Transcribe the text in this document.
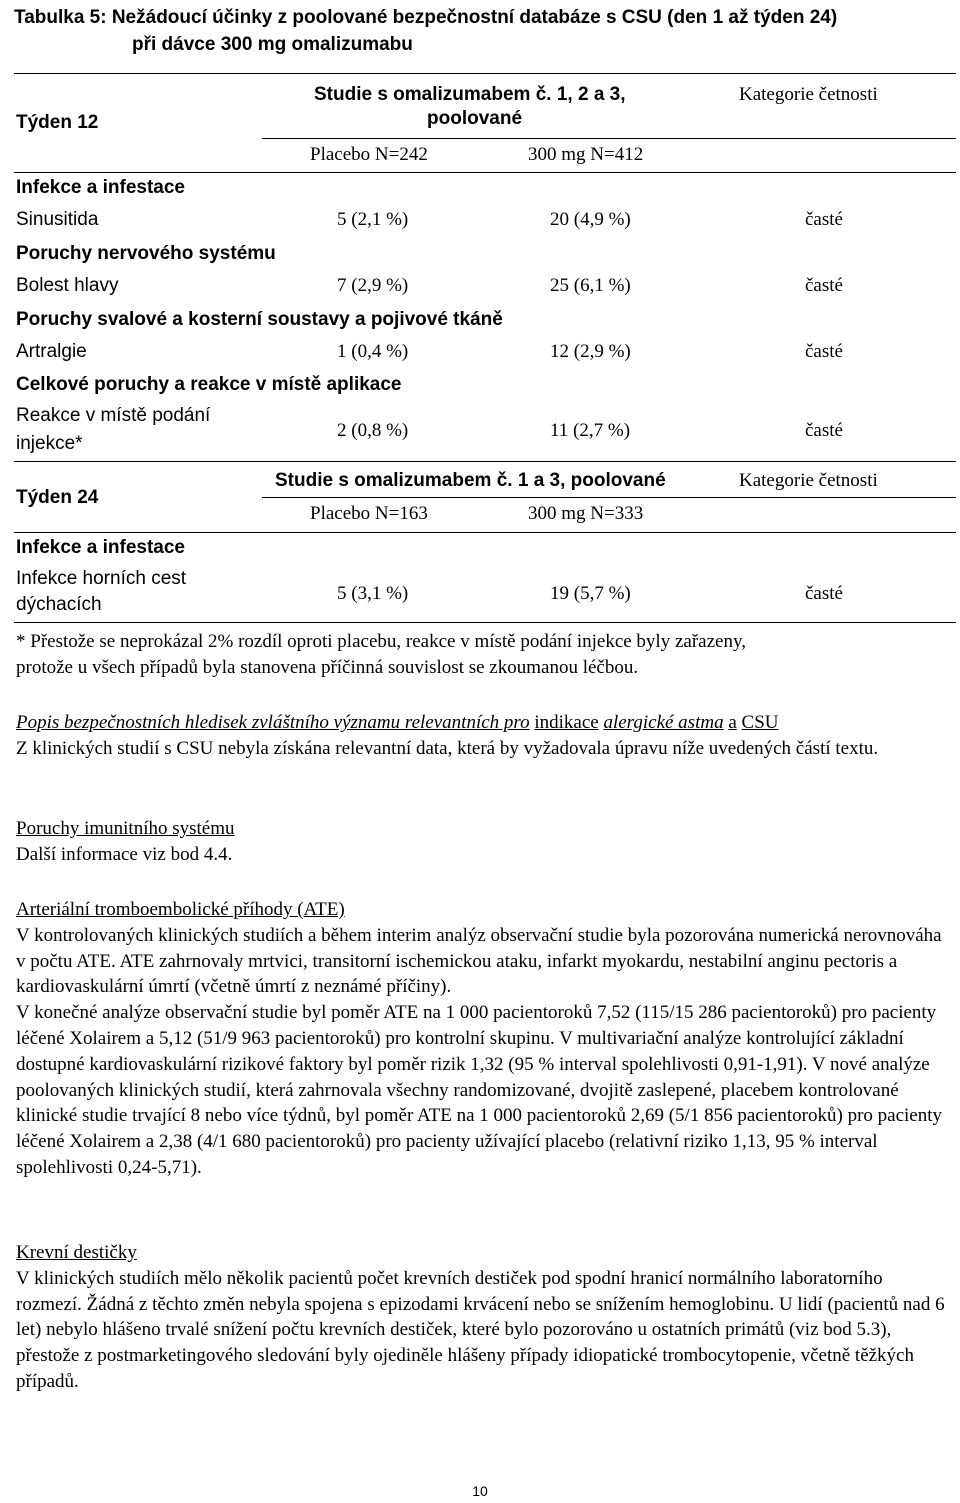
Tabulka 5: Nežádoucí účinky z poolované bezpečnostní databáze s CSU (den 1 až týden 24)
při dávce 300 mg omalizumabu
Týden 12
Studie s omalizumabem č. 1, 2 a 3,
poolované
Kategorie četnosti
Placebo N=242	300 mg N=412
Infekce a infestace
Sinusitida	5 (2,1 %)	20 (4,9 %)	časté
Poruchy nervového systému
Bolest hlavy	7 (2,9 %)	25 (6,1 %)	časté
Poruchy svalové a kosterní soustavy a pojivové tkáně
Artralgie	1 (0,4 %)	12 (2,9 %)	časté
Celkové poruchy a reakce v místě aplikace
Reakce v místě podání
injekce*
2 (0,8 %)	11 (2,7 %)	časté
Týden 24
Studie s omalizumabem č. 1 a 3, poolované	Kategorie četnosti
Placebo N=163	300 mg N=333
Infekce a infestace
Infekce horních cest
dýchacích
5 (3,1 %)	19 (5,7 %)	časté

* Přestože se neprokázal 2% rozdíl oproti placebu, reakce v místě podání injekce byly zařazeny,

protože u všech případů byla stanovena příčinná souvislost se zkoumanou léčbou.

Popis bezpečnostních hledisek zvláštního významu relevantních pro indikace alergické astma a CSU

Z klinických studií s CSU nebyla získána relevantní data, která by vyžadovala úpravu níže uvedených částí textu.

Poruchy imunitního systému

Další informace viz bod 4.4.

Arteriální tromboembolické příhody (ATE)

V kontrolovaných klinických studiích a během interim analýz observační studie byla pozorována numerická nerovnováha v počtu ATE. ATE zahrnovaly mrtvici, transitorní ischemickou ataku, infarkt myokardu, nestabilní anginu pectoris a kardiovaskulární úmrtí (včetně úmrtí z neznámé příčiny).

V konečné analýze observační studie byl poměr ATE na 1 000 pacientoroků 7,52 (115/15 286 pacientoroků) pro pacienty léčené Xolairem a 5,12 (51/9 963 pacientoroků) pro kontrolní skupinu. V multivariační analýze kontrolující základní dostupné kardiovaskulární rizikové faktory byl poměr rizik 1,32 (95 % interval spolehlivosti 0,91-1,91). V nové analýze poolovaných klinických studií, která zahrnovala všechny randomizované, dvojitě zaslepené, placebem kontrolované klinické studie trvající 8 nebo více týdnů, byl poměr ATE na 1 000 pacientoroků 2,69 (5/1 856 pacientoroků) pro pacienty léčené Xolairem a 2,38 (4/1 680 pacientoroků) pro pacienty užívající placebo (relativní riziko 1,13, 95 % interval spolehlivosti 0,24-5,71).

Krevní destičky

V klinických studiích mělo několik pacientů počet krevních destiček pod spodní hranicí normálního laboratorního rozmezí. Žádná z těchto změn nebyla spojena s epizodami krvácení nebo se snížením hemoglobinu. U lidí (pacientů nad 6 let) nebylo hlášeno trvalé snížení počtu krevních destiček, které bylo pozorováno u ostatních primátů (viz bod 5.3), přestože z postmarketingového sledování byly ojediněle hlášeny případy idiopatické trombocytopenie, včetně těžkých případů.

10
